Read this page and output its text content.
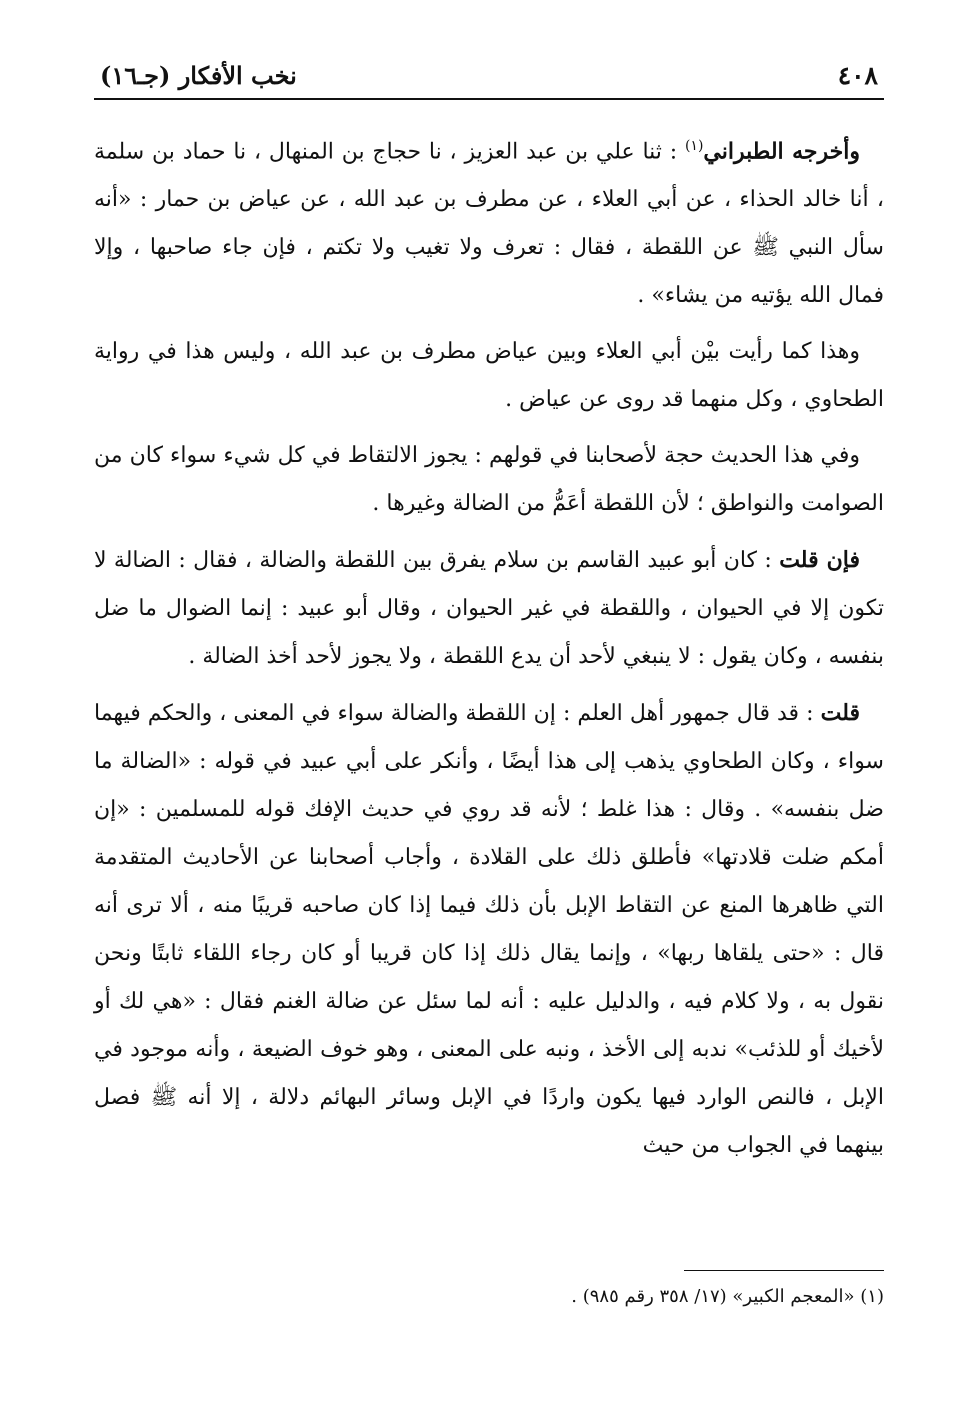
٤٠٨
نخب الأفكار (جـ١٦)

وأخرجه الطبراني$^{(١)}$ : ثنا علي بن عبد العزيز ، نا حجاج بن المنهال ، نا حماد بن سلمة ، أنا خالد الحذاء ، عن أبي العلاء ، عن مطرف بن عبد الله ، عن عياض بن حمار : «أنه سأل النبي ﷺ عن اللقطة ، فقال : تعرف ولا تغيب ولا تكتم ، فإن جاء صاحبها ، وإلا فمال الله يؤتيه من يشاء» .

وهذا كما رأيت بيْن أبي العلاء وبين عياض مطرف بن عبد الله ، وليس هذا في رواية الطحاوي ، وكل منهما قد روى عن عياض .

وفي هذا الحديث حجة لأصحابنا في قولهم : يجوز الالتقاط في كل شيء سواء كان من الصوامت والنواطق ؛ لأن اللقطة أعَمُّ من الضالة وغيرها .

فإن قلت : كان أبو عبيد القاسم بن سلام يفرق بين اللقطة والضالة ، فقال : الضالة لا تكون إلا في الحيوان ، واللقطة في غير الحيوان ، وقال أبو عبيد : إنما الضوال ما ضل بنفسه ، وكان يقول : لا ينبغي لأحد أن يدع اللقطة ، ولا يجوز لأحد أخذ الضالة .

قلت : قد قال جمهور أهل العلم : إن اللقطة والضالة سواء في المعنى ، والحكم فيهما سواء ، وكان الطحاوي يذهب إلى هذا أيضًا ، وأنكر على أبي عبيد في قوله : «الضالة ما ضل بنفسه» . وقال : هذا غلط ؛ لأنه قد روي في حديث الإفك قوله للمسلمين : «إن أمكم ضلت قلادتها» فأطلق ذلك على القلادة ، وأجاب أصحابنا عن الأحاديث المتقدمة التي ظاهرها المنع عن التقاط الإبل بأن ذلك فيما إذا كان صاحبه قريبًا منه ، ألا ترى أنه قال : «حتى يلقاها ربها» ، وإنما يقال ذلك إذا كان قريبا أو كان رجاء اللقاء ثابتًا ونحن نقول به ، ولا كلام فيه ، والدليل عليه : أنه لما سئل عن ضالة الغنم فقال : «هي لك أو لأخيك أو للذئب» ندبه إلى الأخذ ، ونبه على المعنى ، وهو خوف الضيعة ، وأنه موجود في الإبل ، فالنص الوارد فيها يكون واردًا في الإبل وسائر البهائم دلالة ، إلا أنه ﷺ فصل بينهما في الجواب من حيث

(١) «المعجم الكبير» (١٧/ ٣٥٨ رقم ٩٨٥) .
